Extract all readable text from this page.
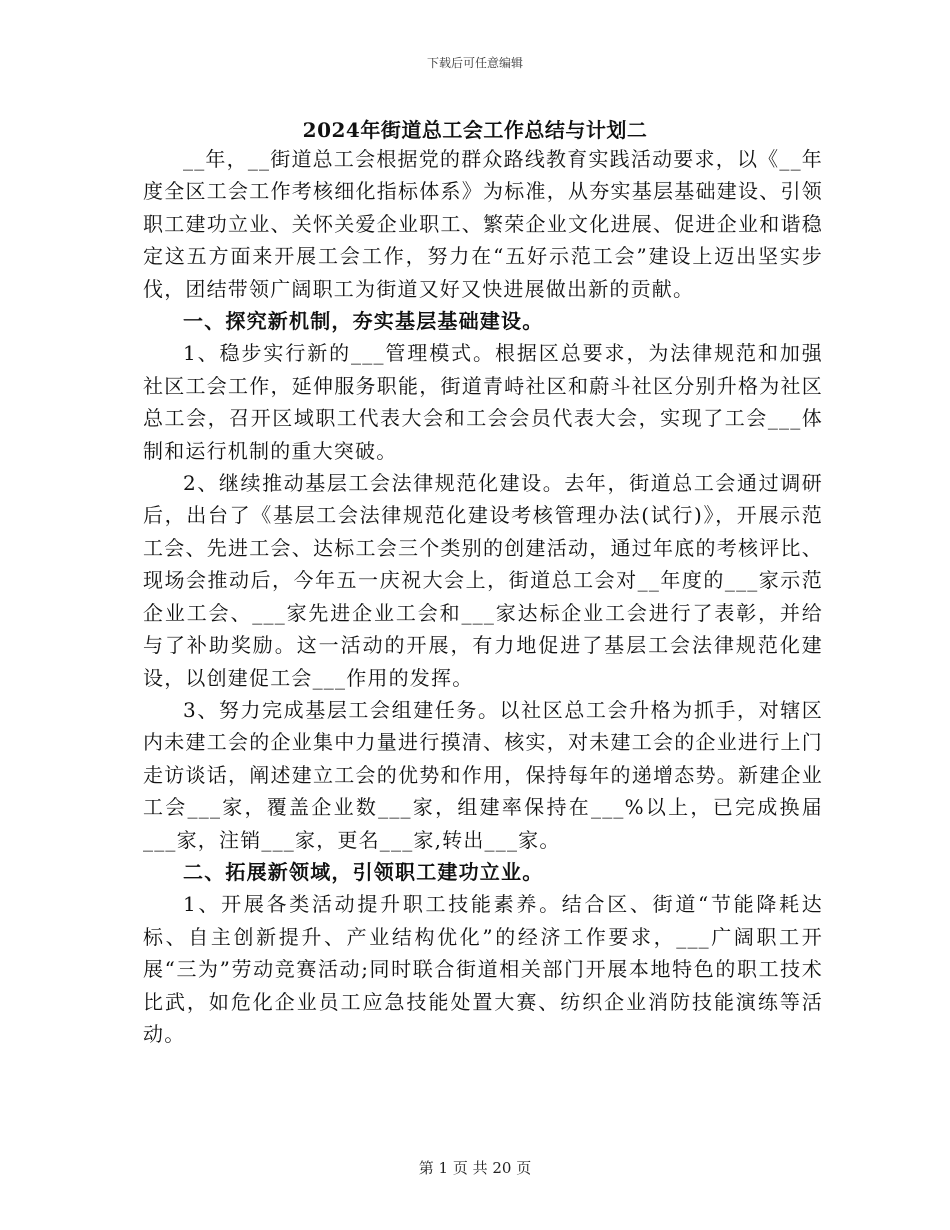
下载后可任意编辑
2024年街道总工会工作总结与计划二

__年，__街道总工会根据党的群众路线教育实践活动要求，以《__年度全区工会工作考核细化指标体系》为标准，从夯实基层基础建设、引领职工建功立业、关怀关爱企业职工、繁荣企业文化进展、促进企业和谐稳定这五方面来开展工会工作，努力在“五好示范工会”建设上迈出坚实步伐，团结带领广阔职工为街道又好又快进展做出新的贡献。

一、探究新机制，夯实基层基础建设。

1、稳步实行新的___管理模式。根据区总要求，为法律规范和加强社区工会工作，延伸服务职能，街道青峙社区和蔚斗社区分别升格为社区总工会，召开区域职工代表大会和工会会员代表大会，实现了工会___体制和运行机制的重大突破。

2、继续推动基层工会法律规范化建设。去年，街道总工会通过调研后，出台了《基层工会法律规范化建设考核管理办法(试行)》，开展示范工会、先进工会、达标工会三个类别的创建活动，通过年底的考核评比、现场会推动后，今年五一庆祝大会上，街道总工会对__年度的___家示范企业工会、___家先进企业工会和___家达标企业工会进行了表彰，并给与了补助奖励。这一活动的开展，有力地促进了基层工会法律规范化建设，以创建促工会___作用的发挥。

3、努力完成基层工会组建任务。以社区总工会升格为抓手，对辖区内未建工会的企业集中力量进行摸清、核实，对未建工会的企业进行上门走访谈话，阐述建立工会的优势和作用，保持每年的递增态势。新建企业工会___家，覆盖企业数___家，组建率保持在___%以上，已完成换届___家，注销___家，更名___家,转出___家。

二、拓展新领域，引领职工建功立业。

1、开展各类活动提升职工技能素养。结合区、街道“节能降耗达标、自主创新提升、产业结构优化”的经济工作要求，___广阔职工开展“三为”劳动竞赛活动;同时联合街道相关部门开展本地特色的职工技术比武，如危化企业员工应急技能处置大赛、纺织企业消防技能演练等活动。

第 1 页 共 20 页
